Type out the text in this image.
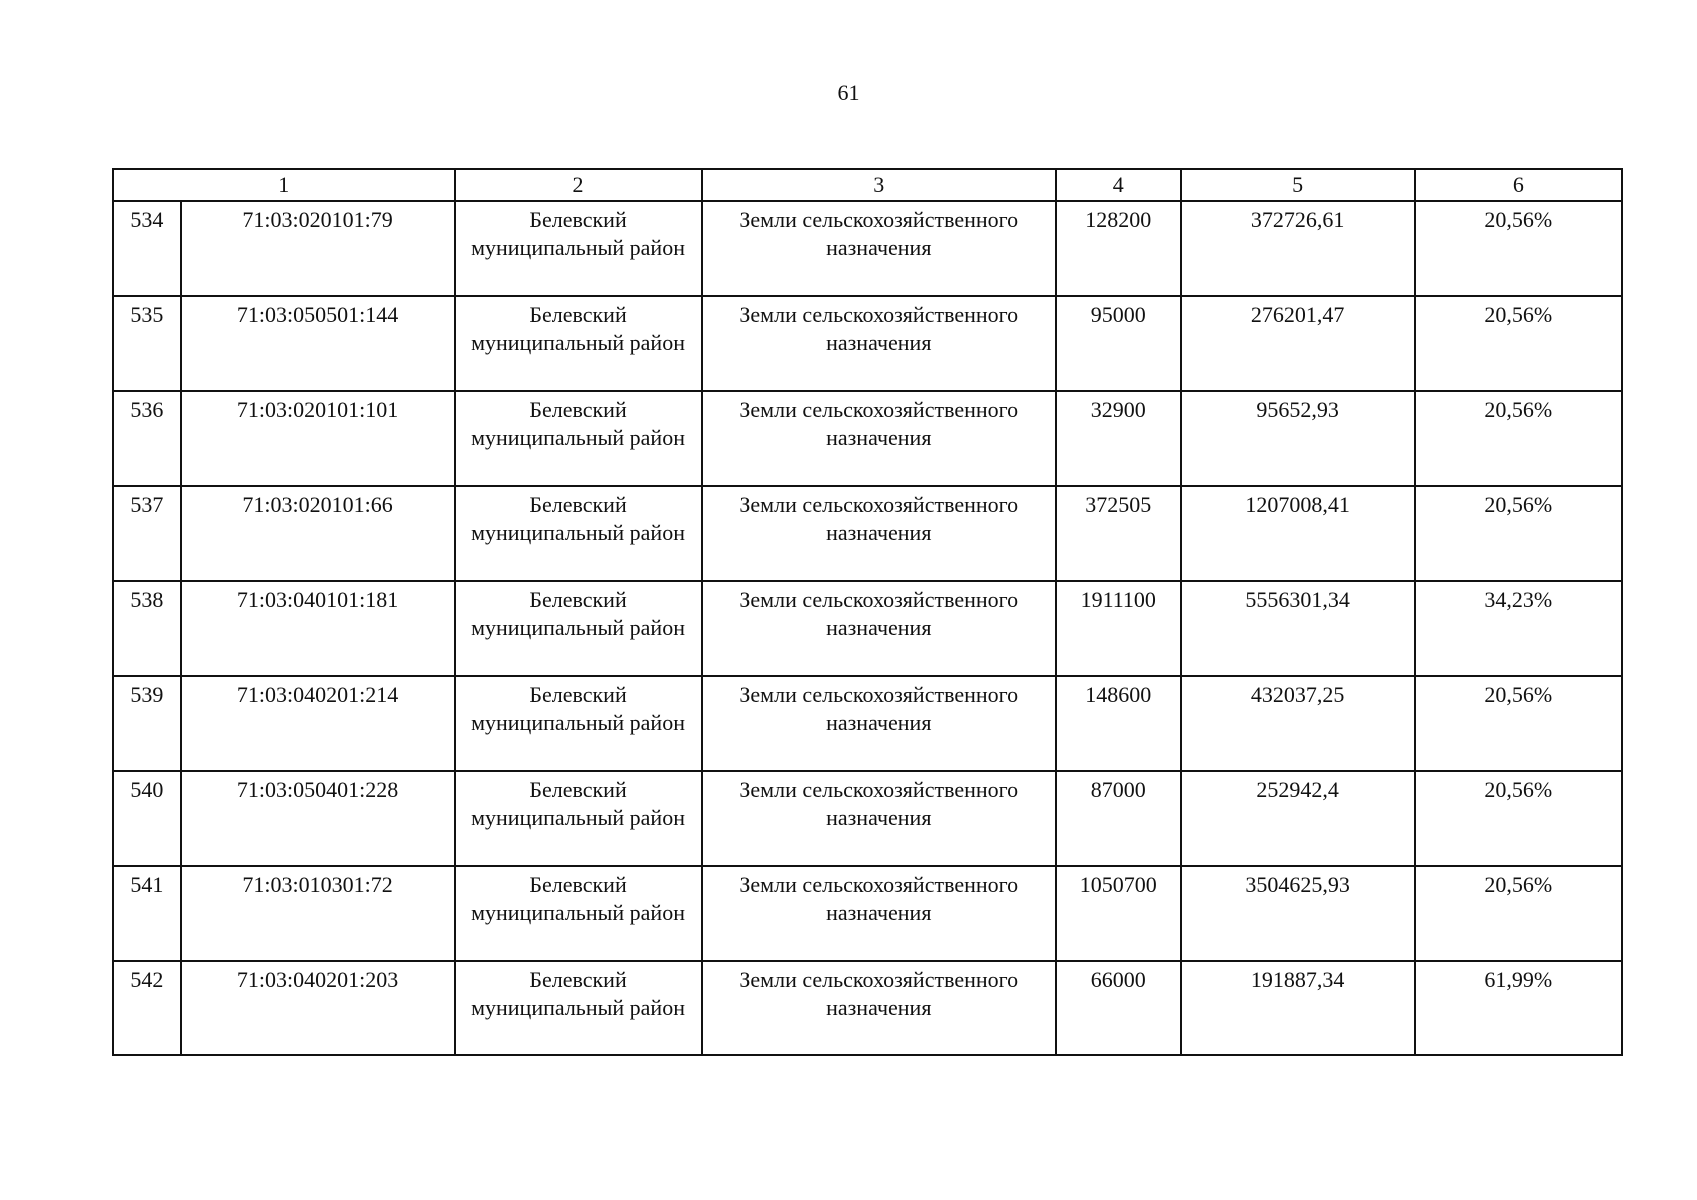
61
1		2	3	4	5	6
534	71:03:020101:79	Белевский муниципальный район	Земли сельскохозяйственного назначения	128200	372726,61	20,56%
535	71:03:050501:144	Белевский муниципальный район	Земли сельскохозяйственного назначения	95000	276201,47	20,56%
536	71:03:020101:101	Белевский муниципальный район	Земли сельскохозяйственного назначения	32900	95652,93	20,56%
537	71:03:020101:66	Белевский муниципальный район	Земли сельскохозяйственного назначения	372505	1207008,41	20,56%
538	71:03:040101:181	Белевский муниципальный район	Земли сельскохозяйственного назначения	1911100	5556301,34	34,23%
539	71:03:040201:214	Белевский муниципальный район	Земли сельскохозяйственного назначения	148600	432037,25	20,56%
540	71:03:050401:228	Белевский муниципальный район	Земли сельскохозяйственного назначения	87000	252942,4	20,56%
541	71:03:010301:72	Белевский муниципальный район	Земли сельскохозяйственного назначения	1050700	3504625,93	20,56%
542	71:03:040201:203	Белевский муниципальный район	Земли сельскохозяйственного назначения	66000	191887,34	61,99%
